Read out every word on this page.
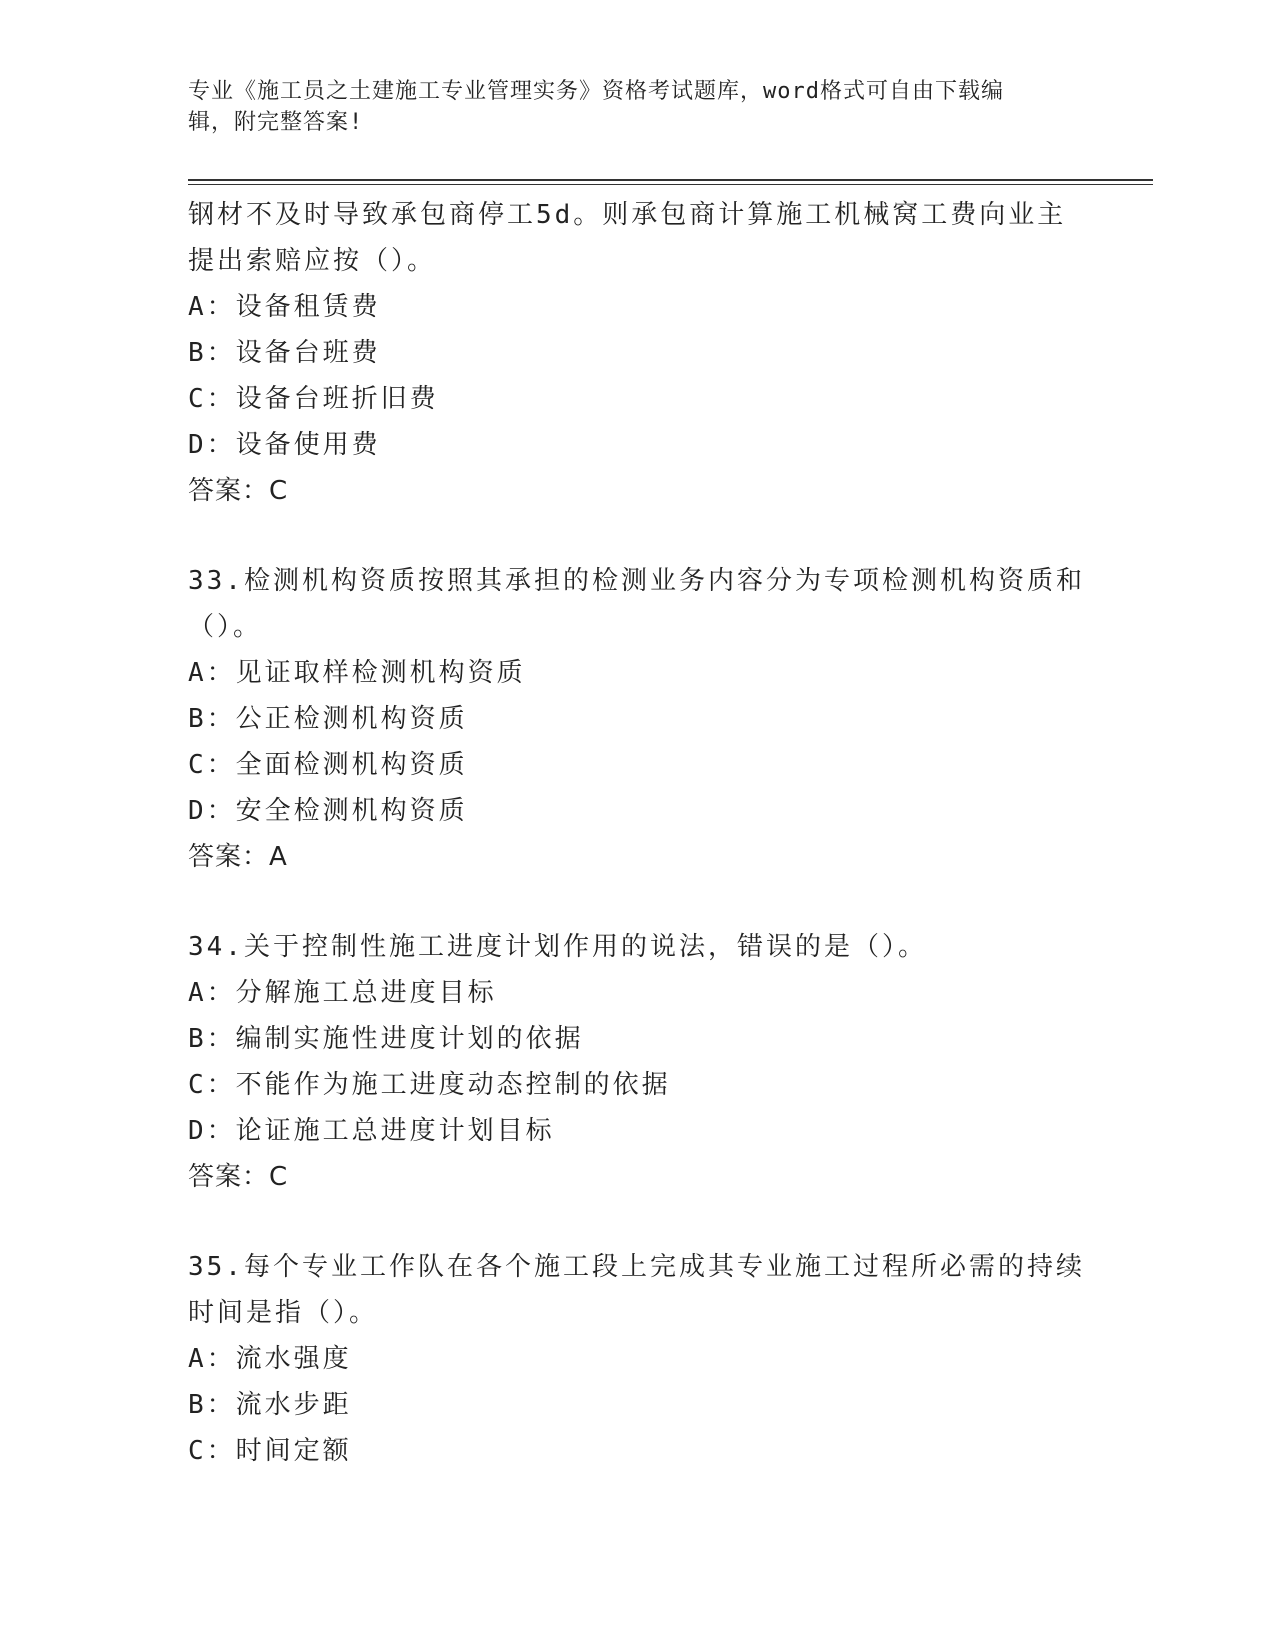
专业《施工员之土建施工专业管理实务》资格考试题库，word格式可自由下载编
辑，附完整答案!
钢材不及时导致承包商停工5d。则承包商计算施工机械窝工费向业主
提出索赔应按（）。
A：设备租赁费
B：设备台班费
C：设备台班折旧费
D：设备使用费
答案：C
33.检测机构资质按照其承担的检测业务内容分为专项检测机构资质和
（）。
A：见证取样检测机构资质
B：公正检测机构资质
C：全面检测机构资质
D：安全检测机构资质
答案：A
34.关于控制性施工进度计划作用的说法，错误的是（）。
A：分解施工总进度目标
B：编制实施性进度计划的依据
C：不能作为施工进度动态控制的依据
D：论证施工总进度计划目标
答案：C
35.每个专业工作队在各个施工段上完成其专业施工过程所必需的持续
时间是指（）。
A：流水强度
B：流水步距
C：时间定额
